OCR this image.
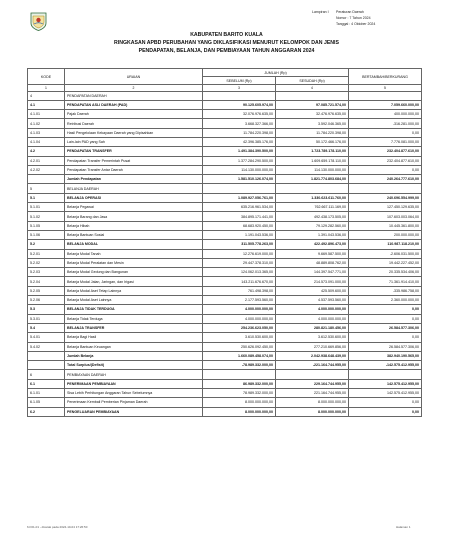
Lampiran I	Peraturan Daerah
Nomor : 7 Tahun 2024
Tanggal : 4 Oktober 2024
KABUPATEN BARITO KUALA
RINGKASAN APBD PERUBAHAN YANG DIKLASIFIKASI MENURUT KELOMPOK DAN JENIS
PENDAPATAN, BELANJA, DAN PEMBIAYAAN TAHUN ANGGARAN 2024
KODE	URAIAN	JUMLAH (Rp)		BERTAMBAH/BERKURANG
		SEBELUM (Rp)	SESUDAH (Rp)	
1	2	3	4	5
4	PENDAPATAN DAERAH			
4.1	PENDAPATAN ASLI DAERAH (PAD)	90.125.605.974,00	97.085.721.574,00	7.059.660.000,00
4.1.01	Pajak Daerah	32.076.976.635,00	32.476.976.635,00	400.000.000,00
4.1.02	Retribusi Daerah	3.668.327.366,00	3.592.046.365,00	-316.281.000,00
4.1.03	Hasil Pengelolaan Kekayaan Daerah yang Dipisahkan	11.784.220.398,00	11.784.220.398,00	0,00
4.1.04	Lain-lain PAD yang Sah	42.396.385.176,00	50.172.466.176,00	7.776.081.000,00
4.2	PENDAPATAN TRANSFER	1.491.384.390.500,00	1.723.789.178.110,00	232.404.877.610,00
4.2.01	Pendapatan Transfer Pemerintah Pusat	1.377.284.290.500,00	1.609.659.178.110,00	232.404.877.610,00
4.2.02	Pendapatan Transfer Antar Daerah	114.130.000.000,00	114.130.000.000,00	0,00
	Jumlah Pendapatan	1.581.510.126.074,00	1.821.774.803.684,00	240.264.777.610,00
5	BELANJA DAERAH			
5.1	BELANJA OPERASI	1.089.927.056.761,00	1.330.623.611.760,00	240.696.554.999,00
5.1.01	Belanja Pegawai	635.216.961.534,00	762.667.111.169,00	127.450.129.635,00
5.1.02	Belanja Barang dan Jasa	384.895.171.441,00	492.438.173.505,00	107.603.003.064,00
5.1.05	Belanja Hibah	68.683.920.450,00	79.129.282.560,00	10.445.361.800,00
5.1.06	Belanja Bantuan Sosial	1.191.043.536,00	1.391.043.536,00	200.000.000,00
5.2	BELANJA MODAL	311.505.778.263,00	422.492.896.473,00	110.987.118.210,00
5.2.01	Belanja Modal Tanah	12.276.619.000,00	9.669.587.500,00	-2.606.031.500,00
5.2.02	Belanja Modal Peralatan dan Mesin	29.447.378.310,00	48.889.808.762,00	19.442.227.452,00
5.2.03	Belanja Modal Gedung dan Bangunan	124.062.013.365,00	144.397.547.771,00	20.335.534.406,00
5.2.04	Belanja Modal Jalan, Jaringan, dan Irigasi	143.211.676.670,00	214.573.091.000,00	71.361.914.410,00
5.2.05	Belanja Modal Aset Tetap Lainnya	761.498.398,00	425.509.600,00	-335.986.758,00
5.2.06	Belanja Modal Aset Lainnya	2.177.593.560,00	4.537.593.560,00	2.360.000.000,00
5.3	BELANJA TIDAK TERDUGA	4.000.000.000,00	4.000.000.000,00	0,00
5.3.01	Belanja Tidak Terduga	4.000.000.000,00	4.000.000.000,00	0,00
5.4	BELANJA TRANSFER	254.236.623.050,00	280.821.180.456,00	26.584.577.306,00
5.4.01	Belanja Bagi Hasil	3.610.530.600,00	3.612.530.600,00	0,00
5.4.02	Belanja Bantuan Keuangan	250.626.092.450,00	277.210.669.856,00	26.584.577.306,00
	Jumlah Belanja	1.660.089.458.074,00	2.042.938.648.439,00	382.940.190.565,00
	Total Surplus/(Defisit)	-78.989.332.000,00	-221.164.744.955,00	-142.575.412.955,00
6	PEMBIAYAAN DAERAH			
6.1	PENERIMAAN PEMBIAYAAN	86.989.332.000,00	229.164.744.955,00	142.575.412.955,00
6.1.01	Sisa Lebih Perhitungan Anggaran Tahun Sebelumnya	78.989.332.000,00	221.164.744.955,00	142.575.412.955,00
6.1.05	Penerimaan Kembali Pemberian Pinjaman Daerah	8.000.000.000,00	8.000.000.000,00	0,00
6.2	PENGELUARAN PEMBIAYAAN	8.000.000.000,00	8.000.000.000,00	0,00
6.F01-01 - dicetak pada 2024-10-04 17:26:50	Halaman 1
